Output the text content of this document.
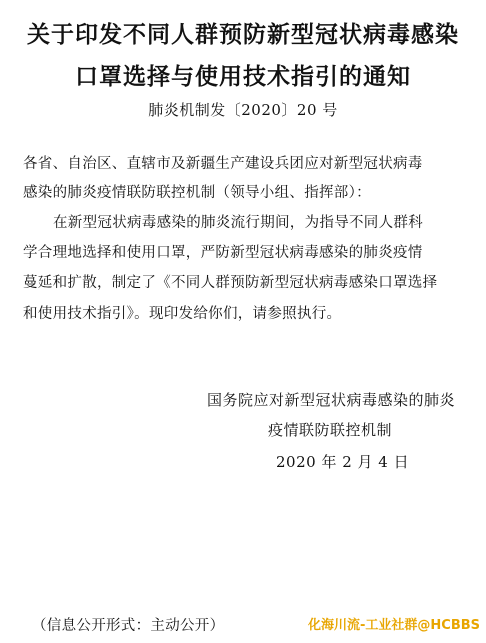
关于印发不同人群预防新型冠状病毒感染
口罩选择与使用技术指引的通知
肺炎机制发〔2020〕20 号
各省、自治区、直辖市及新疆生产建设兵团应对新型冠状病毒
感染的肺炎疫情联防联控机制（领导小组、指挥部）：
在新型冠状病毒感染的肺炎流行期间，为指导不同人群科
学合理地选择和使用口罩，严防新型冠状病毒感染的肺炎疫情
蔓延和扩散，制定了《不同人群预防新型冠状病毒感染口罩选择
和使用技术指引》。现印发给你们，请参照执行。
国务院应对新型冠状病毒感染的肺炎
疫情联防联控机制
2020 年 2 月 4 日
（信息公开形式：主动公开）	化海川流-工业社群@HCBBS
